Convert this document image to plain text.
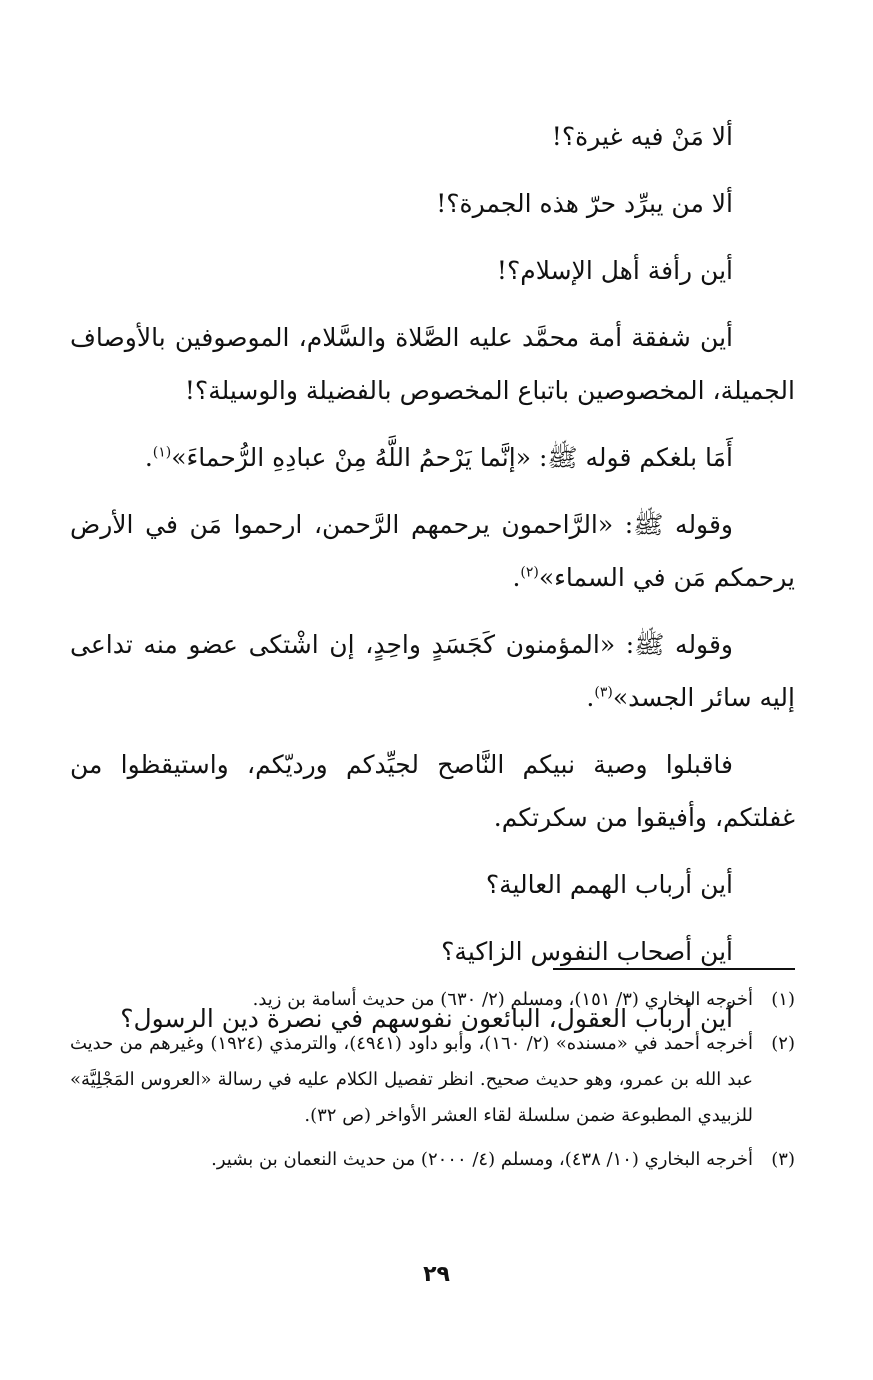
ألا مَنْ فيه غيرة؟!

ألا من يبرِّد حرّ هذه الجمرة؟!

أين رأفة أهل الإسلام؟!

أين شفقة أمة محمَّد عليه الصَّلاة والسَّلام، الموصوفين بالأوصاف الجميلة، المخصوصين باتباع المخصوص بالفضيلة والوسيلة؟!

أَمَا بلغكم قوله ﷺ: «إنَّما يَرْحمُ اللَّهُ مِنْ عبادِهِ الرُّحماءَ»$^{(١)}$.

وقوله ﷺ: «الرَّاحمون يرحمهم الرَّحمن، ارحموا مَن في الأرض يرحمكم مَن في السماء»$^{(٢)}$.

وقوله ﷺ: «المؤمنون كَجَسَدٍ واحِدٍ، إن اشْتكى عضو منه تداعى إليه سائر الجسد»$^{(٣)}$.

فاقبلوا وصية نبيكم النَّاصح لجيِّدكم ورديّكم، واستيقظوا من غفلتكم، وأفيقوا من سكرتكم.

أين أرباب الهمم العالية؟

أين أصحاب النفوس الزاكية؟

أين أرباب العقول، البائعون نفوسهم في نصرة دين الرسول؟

(١)
أخرجه البخاري (٣/ ١٥١)، ومسلم (٢/ ٦٣٠) من حديث أسامة بن زيد.
(٢)
أخرجه أحمد في «مسنده» (٢/ ١٦٠)، وأبو داود (٤٩٤١)، والترمذي (١٩٢٤) وغيرهم من حديث عبد الله بن عمرو، وهو حديث صحيح. انظر تفصيل الكلام عليه في رسالة «العروس المَجْلِيَّة» للزبيدي المطبوعة ضمن سلسلة لقاء العشر الأواخر (ص ٣٢).
(٣)
أخرجه البخاري (١٠/ ٤٣٨)، ومسلم (٤/ ٢٠٠٠) من حديث النعمان بن بشير.
٢٩
